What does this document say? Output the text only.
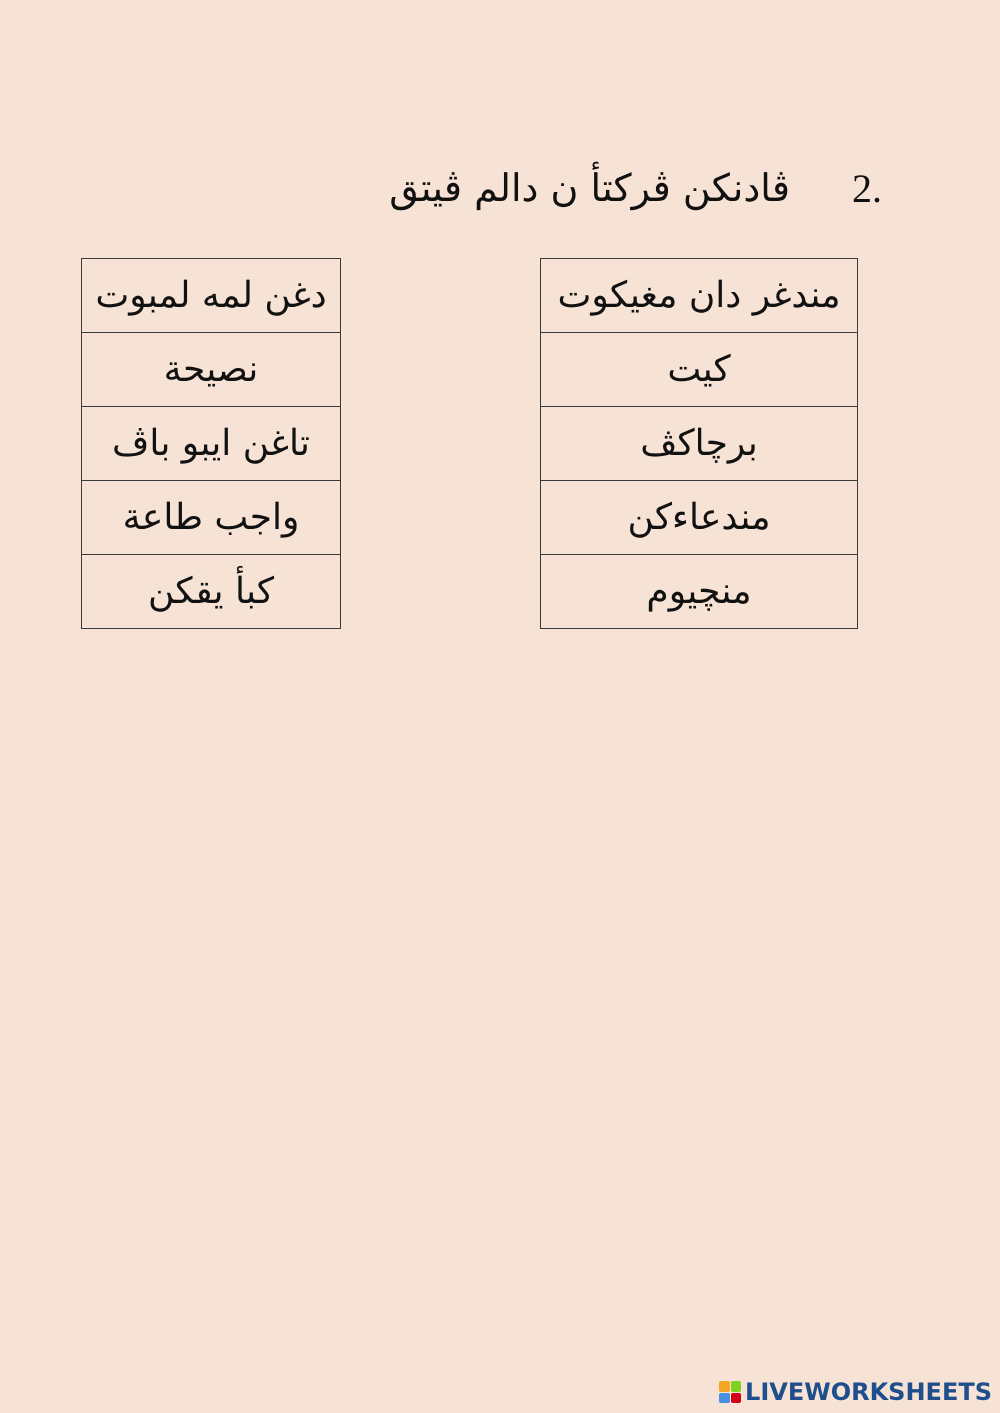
ڤادنكن ڤركتأ ن دالم ڤيتق 2.
مندغر دان مغيكوت
كيت
برچاكڤ
مندعاءكن
منچيوم
دغن لمه لمبوت
نصيحة
تاغن ايبو باڤ
واجب طاعة
كبأ يقكن
LIVEWORKSHEETS
